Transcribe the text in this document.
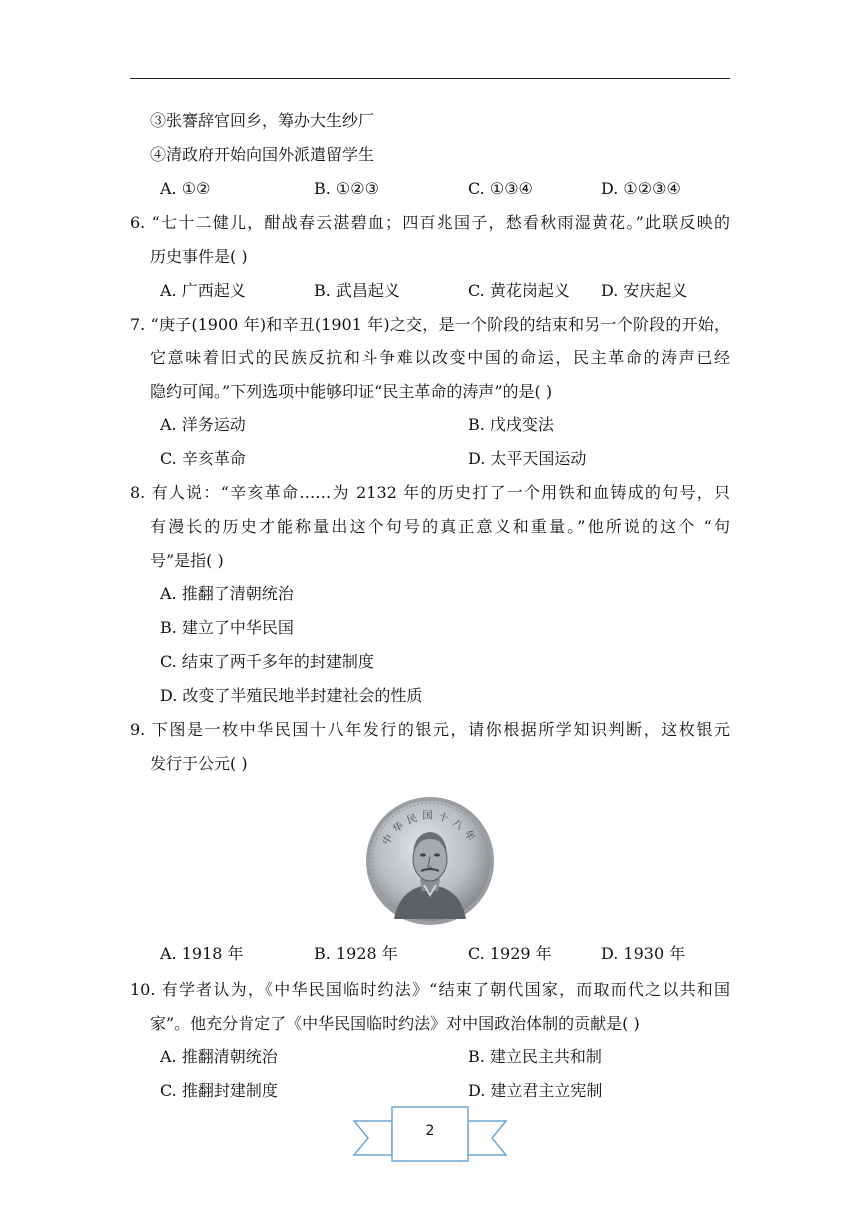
③张謇辞官回乡，筹办大生纱厂
④清政府开始向国外派遣留学生
A. ①②	B. ①②③	C. ①③④	D. ①②③④
6. “七十二健儿，酣战春云湛碧血；四百兆国子，愁看秋雨湿黄花。”此联反映的
历史事件是( )
A. 广西起义	B. 武昌起义	C. 黄花岗起义 D. 安庆起义
7. “庚子(1900 年)和辛丑(1901 年)之交，是一个阶段的结束和另一个阶段的开始，
它意味着旧式的民族反抗和斗争难以改变中国的命运，民主革命的涛声已经
隐约可闻。”下列选项中能够印证“民主革命的涛声”的是( )
A. 洋务运动	B. 戊戌变法
C. 辛亥革命	D. 太平天国运动
8. 有人说：“辛亥革命……为 2132 年的历史打了一个用铁和血铸成的句号，只
有漫长的历史才能称量出这个句号的真正意义和重量。”他所说的这个 “句
号”是指( )
A. 推翻了清朝统治
B. 建立了中华民国
C. 结束了两千多年的封建制度
D. 改变了半殖民地半封建社会的性质
9. 下图是一枚中华民国十八年发行的银元，请你根据所学知识判断，这枚银元
发行于公元( )
中华民国十八年
A. 1918 年	B. 1928 年	C. 1929 年	D. 1930 年
10. 有学者认为，《中华民国临时约法》“结束了朝代国家，而取而代之以共和国
家”。他充分肯定了《中华民国临时约法》对中国政治体制的贡献是( )
A. 推翻清朝统治	B. 建立民主共和制
C. 推翻封建制度	D. 建立君主立宪制
2
